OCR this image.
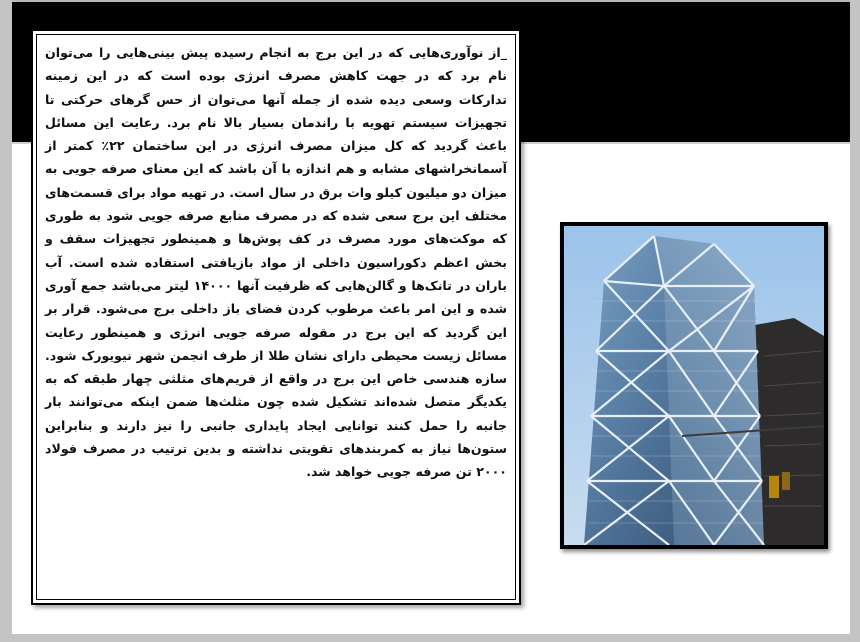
_از نوآوری‌هایی که در این برج به انجام رسیده پیش بینی‌هایی را می‌توان نام برد که در جهت کاهش مصرف انرژی بوده است که در این زمینه تدارکات وسعی دیده شده از جمله آنها می‌توان از حس گرهای حرکتی تا تجهیزات سیستم تهویه با راندمان بسیار بالا نام برد. رعایت این مسائل باعث گردید که کل میزان مصرف انرژی در این ساختمان ۲۲٪ کمتر از آسمانخراشهای مشابه و هم اندازه با آن باشد که این معنای صرفه جویی به میزان دو میلیون کیلو وات برق در سال است. در تهیه مواد برای قسمت‌های مختلف این برج سعی شده که در مصرف منابع صرفه جویی شود به طوری که موکت‌های مورد مصرف در کف پوش‌ها و همینطور تجهیزات سقف و بخش اعظم دکوراسیون داخلی از مواد بازیافتی استفاده شده است. آب باران در تانک‌ها و گالن‌هایی که ظرفیت آنها ۱۴۰۰۰ لیتر می‌باشد جمع آوری شده و این امر باعث مرطوب کردن فضای باز داخلی برج می‌شود. قرار بر این گردید که این برج در مقوله صرفه جویی انرژی و همینطور رعایت مسائل زیست محیطی دارای نشان طلا از طرف انجمن شهر نیویورک شود. سازه هندسی خاص این برج در واقع از فریم‌های مثلثی چهار طبقه که به یکدیگر متصل شده‌اند تشکیل شده چون مثلث‌ها ضمن اینکه می‌توانند بار جانبه را حمل کنند توانایی ایجاد پایداری جانبی را نیز دارند و بنابراین ستون‌ها نیاز به کمربندهای تقویتی نداشته و بدین ترتیب در مصرف فولاد ۲۰۰۰ تن صرفه جویی خواهد شد.
